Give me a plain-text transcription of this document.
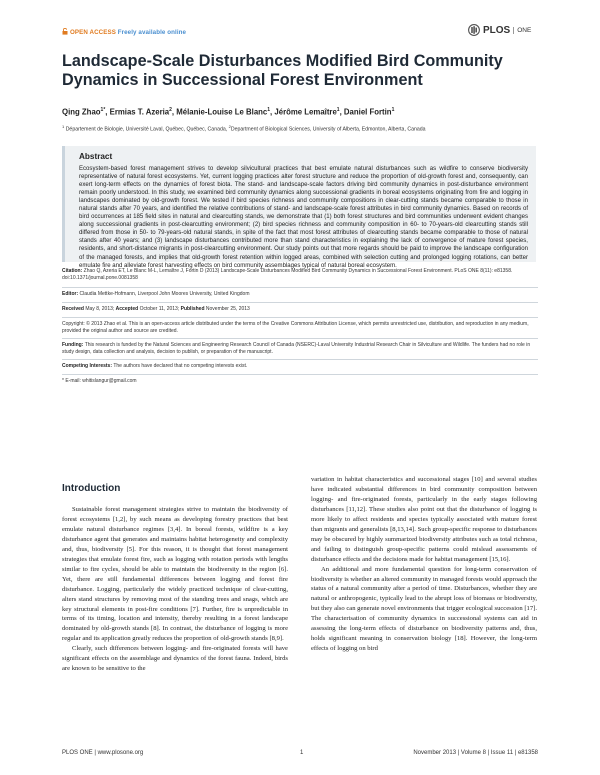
OPEN ACCESS Freely available online	PLOS	ONE
Landscape-Scale Disturbances Modified Bird Community Dynamics in Successional Forest Environment
Qing Zhao$^{1*}$, Ermias T. Azeria$^2$, Mélanie-Louise Le Blanc$^1$, Jérôme Lemaître$^1$, Daniel Fortin$^1$
$^1$ Département de Biologie, Université Laval, Québec, Québec, Canada, $^2$Department of Biological Sciences, University of Alberta, Edmonton, Alberta, Canada
Abstract
Ecosystem-based forest management strives to develop silvicultural practices that best emulate natural disturbances such as wildfire to conserve biodiversity representative of natural forest ecosystems. Yet, current logging practices alter forest structure and reduce the proportion of old-growth forest and, consequently, can exert long-term effects on the dynamics of forest biota. The stand- and landscape-scale factors driving bird community dynamics in post-disturbance environment remain poorly understood. In this study, we examined bird community dynamics along successional gradients in boreal ecosystems originating from fire and logging in landscapes dominated by old-growth forest. We tested if bird species richness and community compositions in clear-cutting stands became comparable to those in natural stands after 70 years, and identified the relative contributions of stand- and landscape-scale forest attributes in bird community dynamics. Based on records of bird occurrences at 185 field sites in natural and clearcutting stands, we demonstrate that (1) both forest structures and bird communities underwent evident changes along successional gradients in post-clearcutting environment; (2) bird species richness and community composition in 60- to 70-years-old clearcutting stands still differed from those in 50- to 79-years-old natural stands, in spite of the fact that most forest attributes of clearcutting stands became comparable to those of natural stands after 40 years; and (3) landscape disturbances contributed more than stand characteristics in explaining the lack of convergence of mature forest species, residents, and short-distance migrants in post-clearcutting environment. Our study points out that more regards should be paid to improve the landscape configuration of the managed forests, and implies that old-growth forest retention within logged areas, combined with selection cutting and prolonged logging rotations, can better emulate fire and alleviate forest harvesting effects on bird community assemblages typical of natural boreal ecosystem.
Citation: Zhao Q, Azeria ET, Le Blanc M-L, Lemaître J, Fortin D (2013) Landscape-Scale Disturbances Modified Bird Community Dynamics in Successional Forest Environment. PLoS ONE 8(11): e81358. doi:10.1371/journal.pone.0081358
Editor: Claudia Mettke-Hofmann, Liverpool John Moores University, United Kingdom
Received May 8, 2013; Accepted October 11, 2013; Published November 25, 2013
Copyright: © 2013 Zhao et al. This is an open-access article distributed under the terms of the Creative Commons Attribution License, which permits unrestricted use, distribution, and reproduction in any medium, provided the original author and source are credited.
Funding: This research is funded by the Natural Sciences and Engineering Research Council of Canada (NSERC)-Laval University Industrial Research Chair in Silviculture and Wildlife. The funders had no role in study design, data collection and analysis, decision to publish, or preparation of the manuscript.
Competing Interests: The authors have declared that no competing interests exist.
* E-mail: whitislangur@gmail.com
Introduction
Sustainable forest management strategies strive to maintain the biodiversity of forest ecosystems [1,2], by such means as developing forestry practices that best emulate natural disturbance regimes [3,4]. In boreal forests, wildfire is a key disturbance agent that generates and maintains habitat heterogeneity and complexity and, thus, biodiversity [5]. For this reason, it is thought that forest management strategies that emulate forest fire, such as logging with rotation periods with lengths similar to fire cycles, should be able to maintain the biodiversity in the region [6]. Yet, there are still fundamental differences between logging and forest fire disturbance. Logging, particularly the widely practiced technique of clear-cutting, alters stand structures by removing most of the standing trees and snags, which are key structural elements in post-fire conditions [7]. Further, fire is unpredictable in terms of its timing, location and intensity, thereby resulting in a forest landscape dominated by old-growth stands [8]. In contrast, the disturbance of logging is more regular and its application greatly reduces the proportion of old-growth stands [8,9].
Clearly, such differences between logging- and fire-originated forests will have significant effects on the assemblage and dynamics of the forest fauna. Indeed, birds are known to be sensitive to the

variation in habitat characteristics and successional stages [10] and several studies have indicated substantial differences in bird community composition between logging- and fire-originated forests, particularly in the early stages following disturbances [11,12]. These studies also point out that the disturbance of logging is more likely to affect residents and species typically associated with mature forest than migrants and generalists [8,13,14]. Such group-specific response to disturbances may be obscured by highly summarized biodiversity attributes such as total richness, and failing to distinguish group-specific patterns could mislead assessments of disturbance effects and the decisions made for habitat management [15,16].

An additional and more fundamental question for long-term conservation of biodiversity is whether an altered community in managed forests would approach the status of a natural community after a period of time. Disturbances, whether they are natural or anthropogenic, typically lead to the abrupt loss of biomass or biodiversity, but they also can generate novel environments that trigger ecological succession [17]. The characterisation of community dynamics in successional systems can aid in assessing the long-term effects of disturbance on biodiversity patterns and, thus, holds significant meaning in conservation biology [18]. However, the long-term effects of logging on bird

PLOS ONE | www.plosone.org	1	November 2013 | Volume 8 | Issue 11 | e81358
